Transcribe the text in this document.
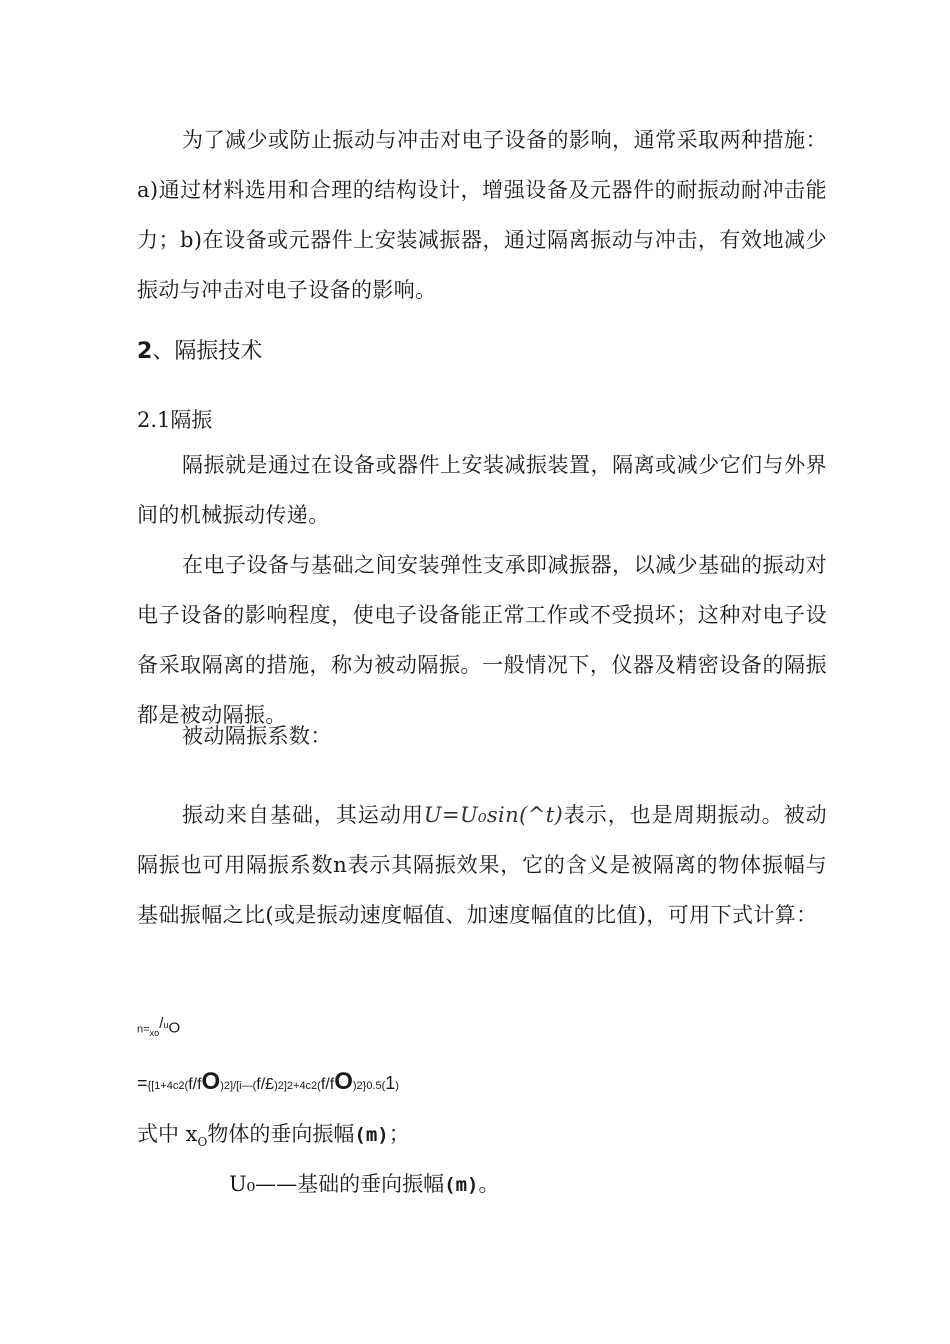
为了减少或防止振动与冲击对电子设备的影响，通常采取两种措施：a)通过材料选用和合理的结构设计，增强设备及元器件的耐振动耐冲击能力；b)在设备或元器件上安装减振器，通过隔离振动与冲击，有效地减少振动与冲击对电子设备的影响。

2、隔振技术
2.1隔振

隔振就是通过在设备或器件上安装减振装置，隔离或减少它们与外界间的机械振动传递。

在电子设备与基础之间安装弹性支承即减振器，以减少基础的振动对电子设备的影响程度，使电子设备能正常工作或不受损坏；这种对电子设备采取隔离的措施，称为被动隔振。一般情况下，仪器及精密设备的隔振都是被动隔振。

被动隔振系数：

振动来自基础，其运动用U=U₀sin(^t)表示，也是周期振动。被动隔振也可用隔振系数n表示其隔振效果，它的含义是被隔离的物体振幅与基础振幅之比(或是振动速度幅值、加速度幅值的比值)，可用下式计算：

$n=_{xo}^{/u}O$
={[1+4c2(f/fO)2]/[i—(f/£)2]2+4c2(f/fO)2}0.5(1)
式中 $x_O$物体的垂向振幅(m)；
U₀——基础的垂向振幅(m)。
